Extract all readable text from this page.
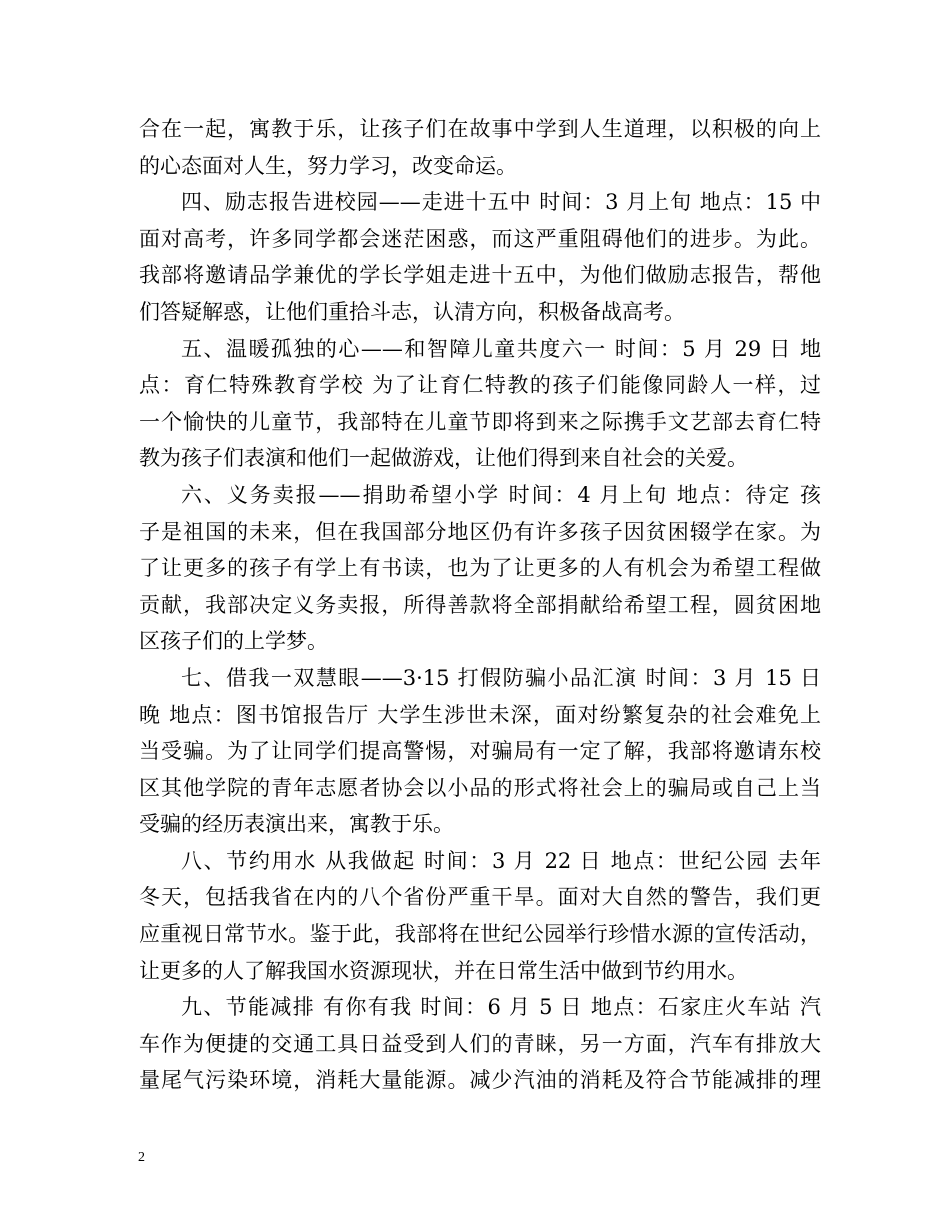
合在一起，寓教于乐，让孩子们在故事中学到人生道理，以积极的向上
的心态面对人生，努力学习，改变命运。
四、励志报告进校园——走进十五中 时间：3 月上旬 地点：15 中
面对高考，许多同学都会迷茫困惑，而这严重阻碍他们的进步。为此。
我部将邀请品学兼优的学长学姐走进十五中，为他们做励志报告，帮他
们答疑解惑，让他们重拾斗志，认清方向，积极备战高考。
五、温暖孤独的心——和智障儿童共度六一 时间：5 月 29 日 地
点：育仁特殊教育学校 为了让育仁特教的孩子们能像同龄人一样，过
一个愉快的儿童节，我部特在儿童节即将到来之际携手文艺部去育仁特
教为孩子们表演和他们一起做游戏，让他们得到来自社会的关爱。
六、义务卖报——捐助希望小学 时间：4 月上旬 地点：待定 孩
子是祖国的未来，但在我国部分地区仍有许多孩子因贫困辍学在家。为
了让更多的孩子有学上有书读，也为了让更多的人有机会为希望工程做
贡献，我部决定义务卖报，所得善款将全部捐献给希望工程，圆贫困地
区孩子们的上学梦。
七、借我一双慧眼——3·15 打假防骗小品汇演 时间：3 月 15 日
晚 地点：图书馆报告厅 大学生涉世未深，面对纷繁复杂的社会难免上
当受骗。为了让同学们提高警惕，对骗局有一定了解，我部将邀请东校
区其他学院的青年志愿者协会以小品的形式将社会上的骗局或自己上当
受骗的经历表演出来，寓教于乐。
八、节约用水 从我做起 时间：3 月 22 日 地点：世纪公园 去年
冬天，包括我省在内的八个省份严重干旱。面对大自然的警告，我们更
应重视日常节水。鉴于此，我部将在世纪公园举行珍惜水源的宣传活动，
让更多的人了解我国水资源现状，并在日常生活中做到节约用水。
九、节能减排 有你有我 时间：6 月 5 日 地点：石家庄火车站 汽
车作为便捷的交通工具日益受到人们的青睐，另一方面，汽车有排放大
量尾气污染环境，消耗大量能源。减少汽油的消耗及符合节能减排的理
2
